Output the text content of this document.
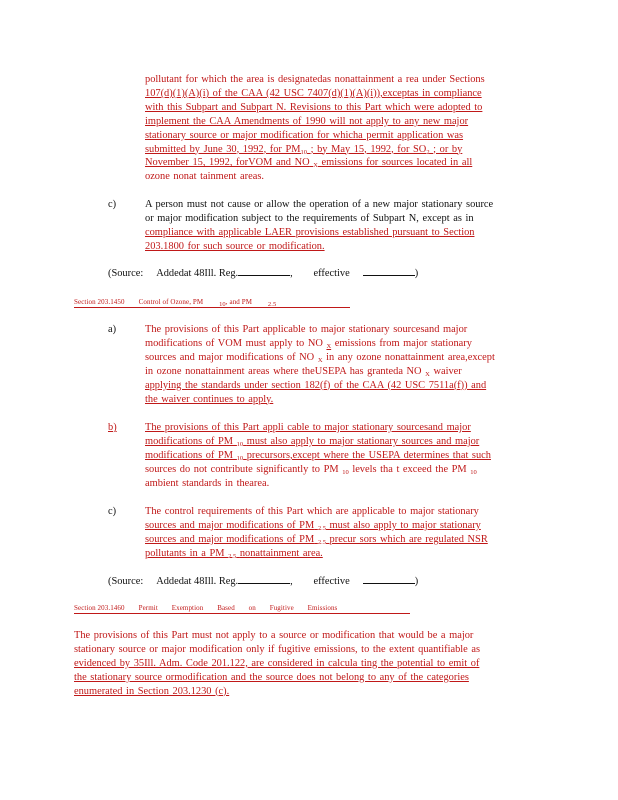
pollutant for which the area is designatedas nonattainment a rea under Sections
107(d)(1)(A)(i) of the CAA (42 USC 7407(d)(1)(A)(i)),exceptas in compliance
with this Subpart and Subpart N. Revisions to this Part which were adopted to
implement the CAA Amendments of 1990 will not apply to any new major
stationary source or major modification for whicha permit application was
submitted by June 30, 1992, for $PM_{10}$ ; by May 15, 1992, for $SO_2$ ; or by
November 15, 1992, forVOM and NO $_X$ emissions for sources located in all
ozone nonat tainment areas.
c)	A person must not cause or allow the operation of a new major stationary source
or major modification subject to the requirements of Subpart N, except as in
compliance with applicable LAER provisions established pursuant to Section
203.1800 for such source or modification.
(Source: Addedat 48Ill. Reg.	, effective	)
Section 203.1450 Control of Ozone, PM $_{10}$, and PM $_{2.5}$
a)	The provisions of this Part applicable to major stationary sourcesand major
modifications of VOM must apply to NO $_X$ emissions from major stationary
sources and major modifications of NO $_X$ in any ozone nonattainment area,except
in ozone nonattainment areas where theUSEPA has granteda NO $_X$ waiver
applying the standards under section 182(f) of the CAA (42 USC 7511a(f)) and
the waiver continues to apply.
b)	The provisions of this Part appli cable to major stationary sourcesand major
modifications of PM $_{10}$ must also apply to major stationary sources and major
modifications of PM $_{10}$ precursors,except where the USEPA determines that such
sources do not contribute significantly to PM $_{10}$ levels tha t exceed the PM $_{10}$
ambient standards in thearea.
c)	The control requirements of this Part which are applicable to major stationary
sources and major modifications of PM $_{2.5}$ must also apply to major stationary
sources and major modifications of PM $_{2.5}$ precur sors which are regulated NSR
pollutants in a PM $_{2.5}$ nonattainment area.
(Source: Addedat 48Ill. Reg.	, effective	)
Section 203.1460 Permit Exemption Based on Fugitive Emissions
The provisions of this Part must not apply to a source or modification that would be a major
stationary source or major modification only if fugitive emissions, to the extent quantifiable as
evidenced by 35Ill. Adm. Code 201.122, are considered in calcula ting the potential to emit of
the stationary source ormodification and the source does not belong to any of the categories
enumerated in Section 203.1230 (c).
